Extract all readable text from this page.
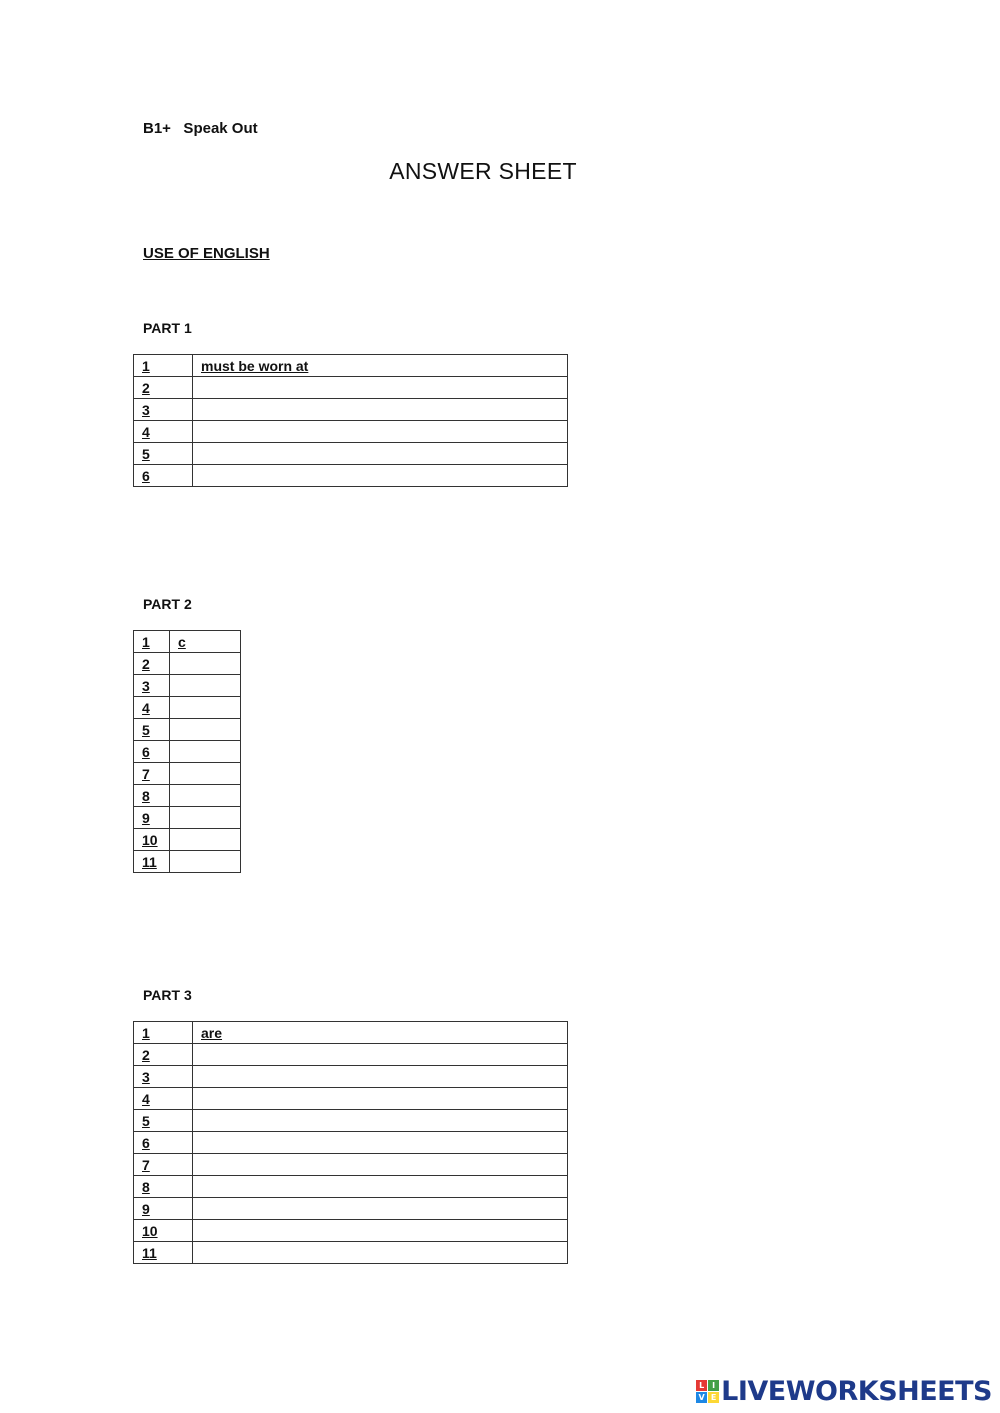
B1+   Speak Out
ANSWER SHEET
USE OF ENGLISH
PART 1
1	must be worn at
2	
3	
4	
5	
6	
PART 2
1	c
2	
3	
4	
5	
6	
7	
8	
9	
10	
11	
PART 3
1	are
2	
3	
4	
5	
6	
7	
8	
9	
10	
11	
L I
V E LIVEWORKSHEETS
